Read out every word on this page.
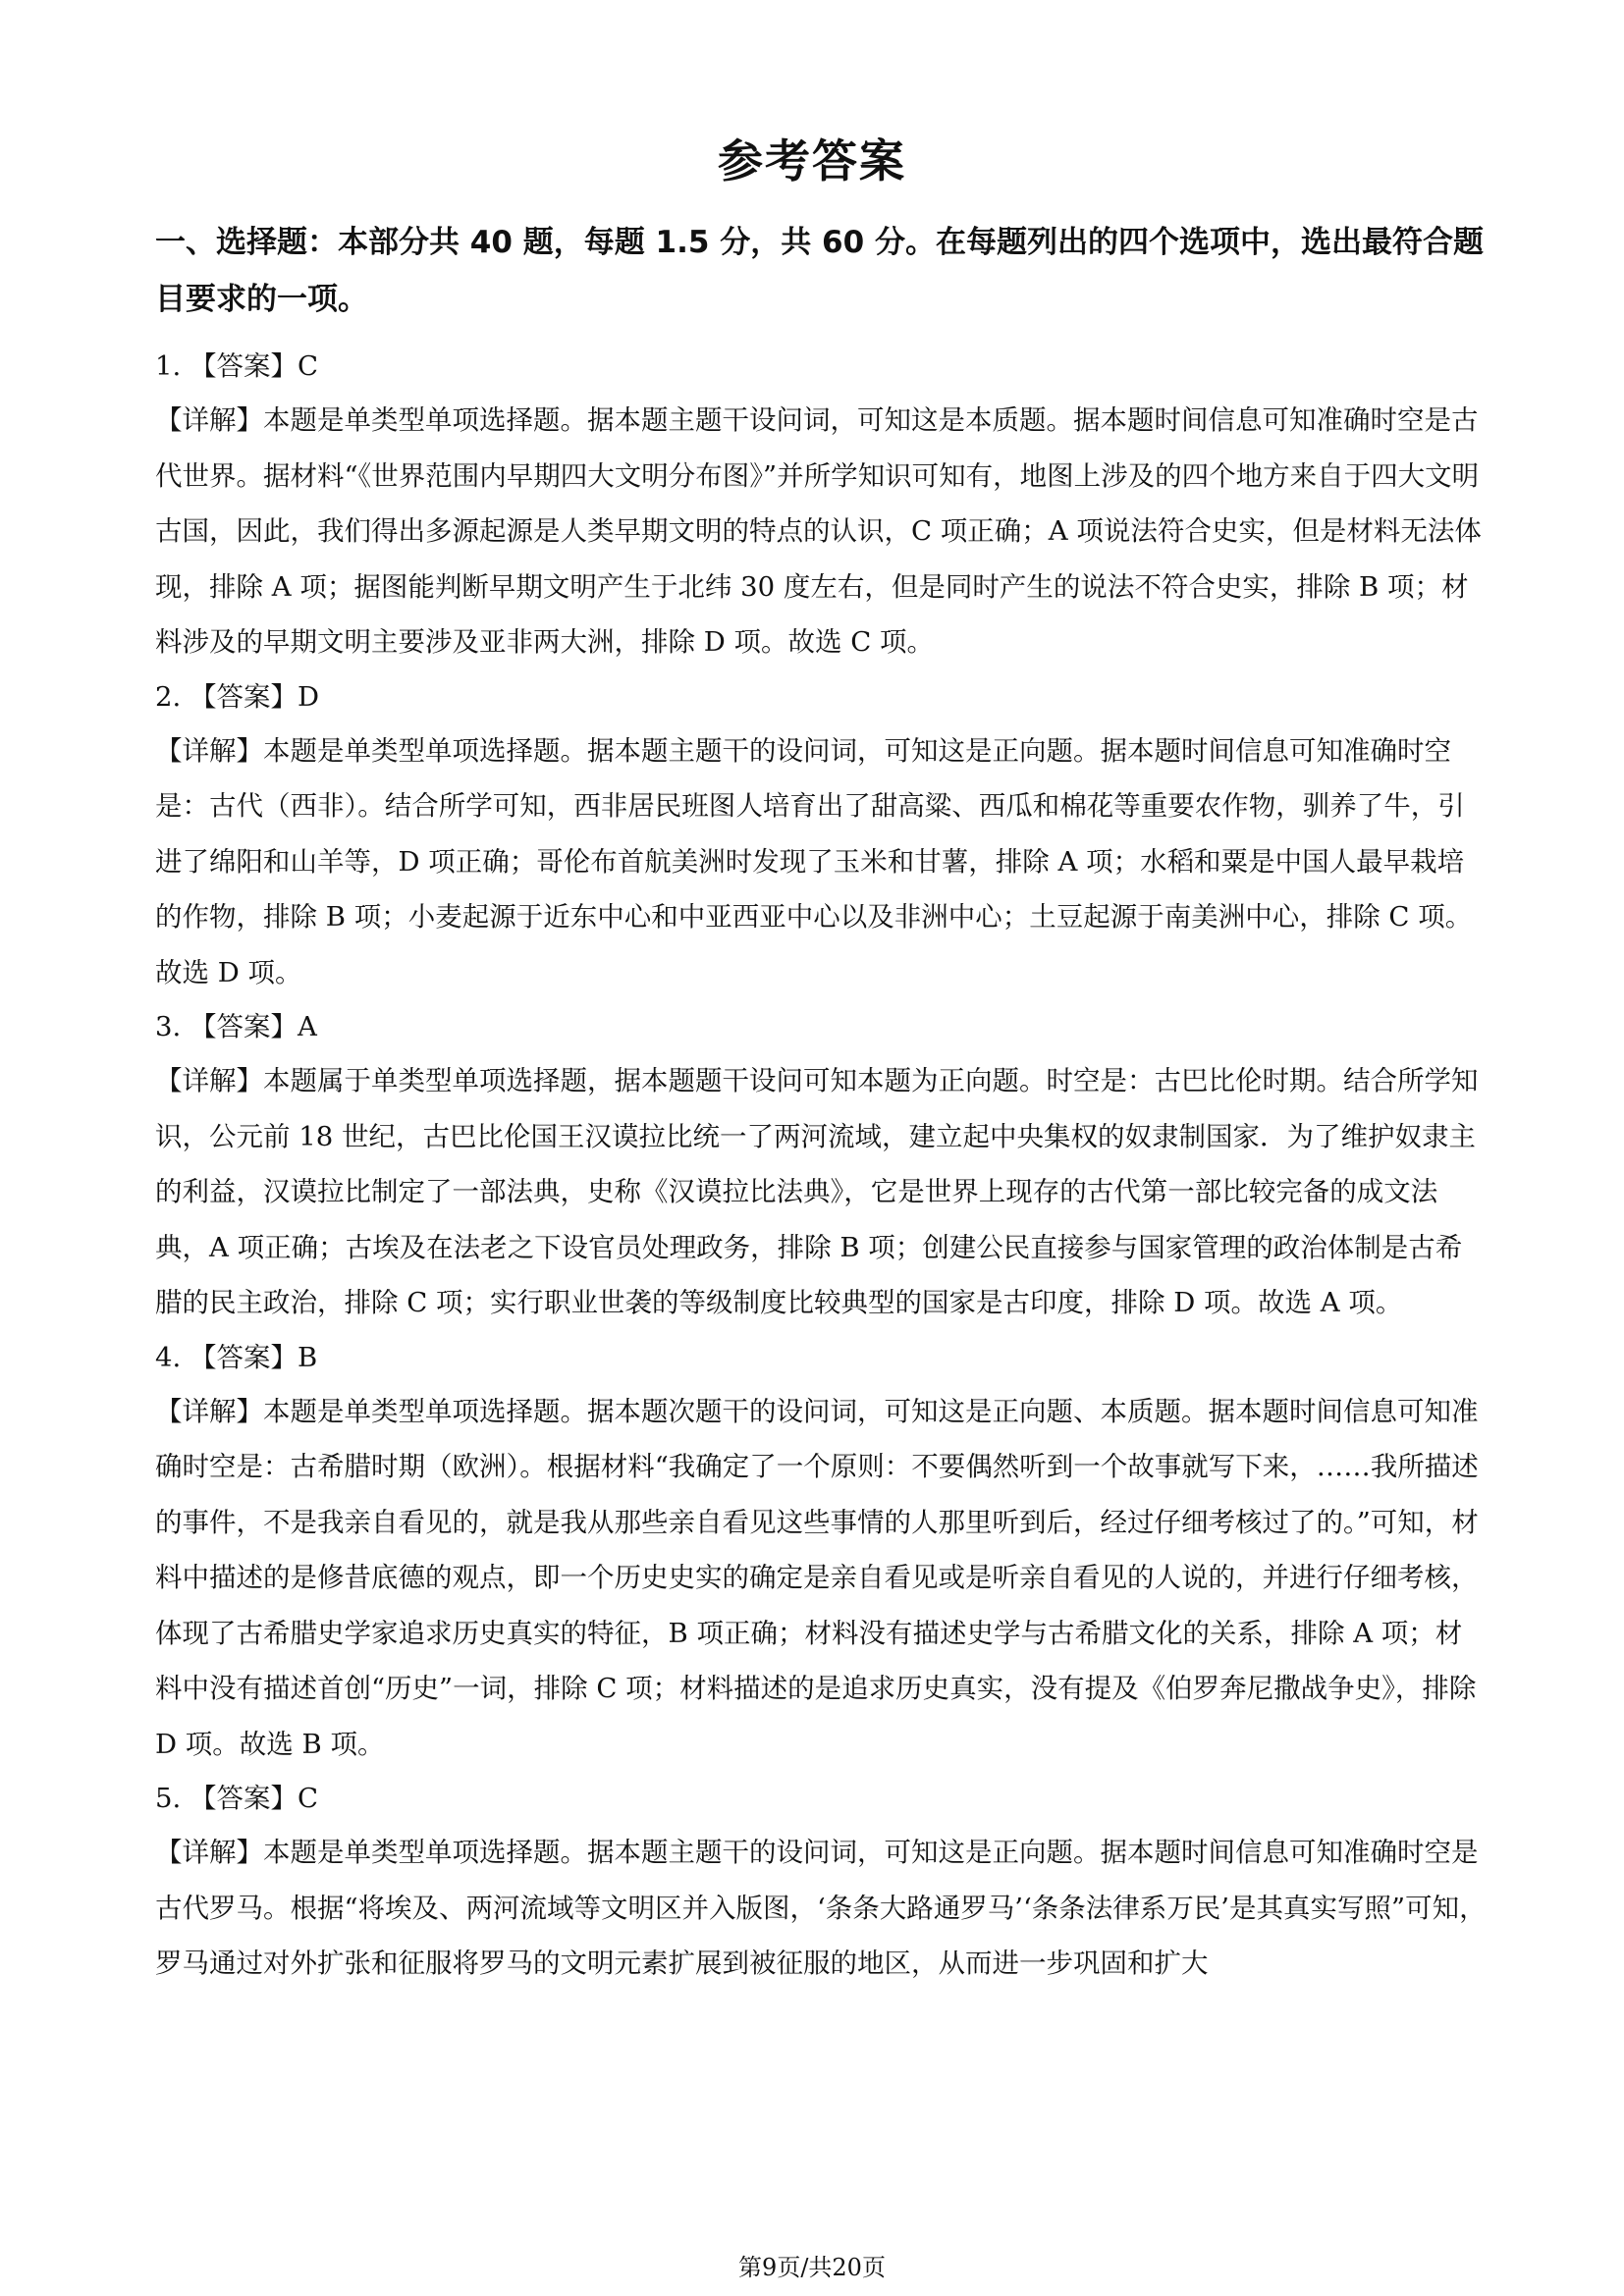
参考答案
一、选择题：本部分共 40 题，每题 1.5 分，共 60 分。在每题列出的四个选项中，选出最符合题目要求的一项。

1. 【答案】C

【详解】本题是单类型单项选择题。据本题主题干设问词，可知这是本质题。据本题时间信息可知准确时空是古代世界。据材料“《世界范围内早期四大文明分布图》”并所学知识可知有，地图上涉及的四个地方来自于四大文明古国，因此，我们得出多源起源是人类早期文明的特点的认识，C 项正确；A 项说法符合史实，但是材料无法体现，排除 A 项；据图能判断早期文明产生于北纬 30 度左右，但是同时产生的说法不符合史实，排除 B 项；材料涉及的早期文明主要涉及亚非两大洲，排除 D 项。故选 C 项。

2. 【答案】D

【详解】本题是单类型单项选择题。据本题主题干的设问词，可知这是正向题。据本题时间信息可知准确时空是：古代（西非）。结合所学可知，西非居民班图人培育出了甜高粱、西瓜和棉花等重要农作物，驯养了牛，引进了绵阳和山羊等，D 项正确；哥伦布首航美洲时发现了玉米和甘薯，排除 A 项；水稻和粟是中国人最早栽培的作物，排除 B 项；小麦起源于近东中心和中亚西亚中心以及非洲中心；土豆起源于南美洲中心，排除 C 项。故选 D 项。

3. 【答案】A

【详解】本题属于单类型单项选择题，据本题题干设问可知本题为正向题。时空是：古巴比伦时期。结合所学知识，公元前 18 世纪，古巴比伦国王汉谟拉比统一了两河流域，建立起中央集权的奴隶制国家．为了维护奴隶主的利益，汉谟拉比制定了一部法典，史称《汉谟拉比法典》，它是世界上现存的古代第一部比较完备的成文法典，A 项正确；古埃及在法老之下设官员处理政务，排除 B 项；创建公民直接参与国家管理的政治体制是古希腊的民主政治，排除 C 项；实行职业世袭的等级制度比较典型的国家是古印度，排除 D 项。故选 A 项。

4. 【答案】B

【详解】本题是单类型单项选择题。据本题次题干的设问词，可知这是正向题、本质题。据本题时间信息可知准确时空是：古希腊时期（欧洲）。根据材料“我确定了一个原则：不要偶然听到一个故事就写下来，……我所描述的事件，不是我亲自看见的，就是我从那些亲自看见这些事情的人那里听到后，经过仔细考核过了的。”可知，材料中描述的是修昔底德的观点，即一个历史史实的确定是亲自看见或是听亲自看见的人说的，并进行仔细考核，体现了古希腊史学家追求历史真实的特征，B 项正确；材料没有描述史学与古希腊文化的关系，排除 A 项；材料中没有描述首创“历史”一词，排除 C 项；材料描述的是追求历史真实，没有提及《伯罗奔尼撒战争史》，排除 D 项。故选 B 项。

5. 【答案】C

【详解】本题是单类型单项选择题。据本题主题干的设问词，可知这是正向题。据本题时间信息可知准确时空是古代罗马。根据“将埃及、两河流域等文明区并入版图，‘条条大路通罗马’‘条条法律系万民’是其真实写照”可知，罗马通过对外扩张和征服将罗马的文明元素扩展到被征服的地区，从而进一步巩固和扩大

第9页/共20页
